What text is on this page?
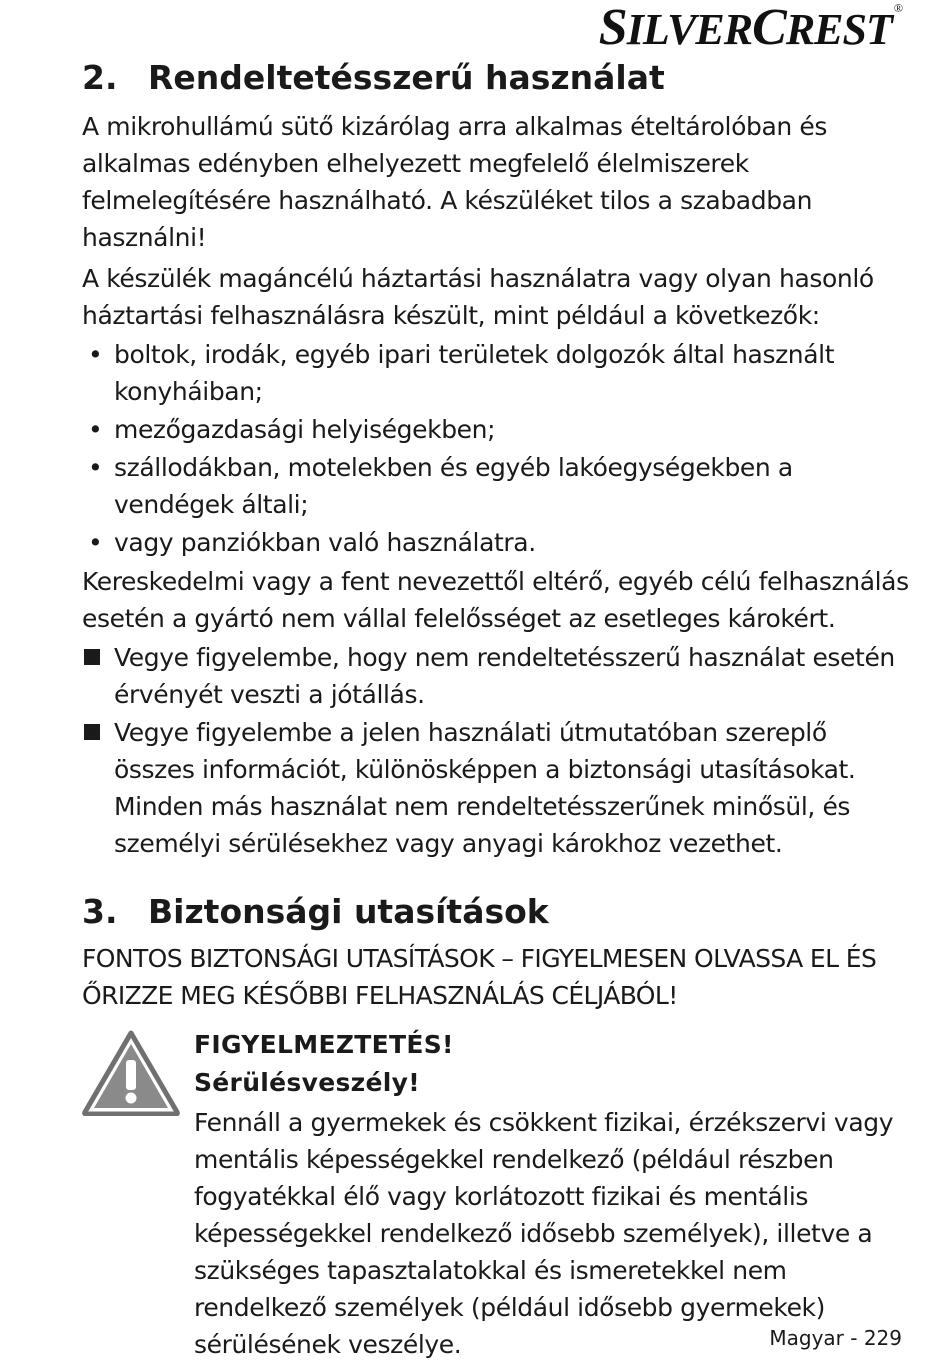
SILVERCREST ®
2. Rendeltetésszerű használat

A mikrohullámú sütő kizárólag arra alkalmas ételtárolóban és alkalmas edényben elhelyezett megfelelő élelmiszerek felmelegítésére használható. A készüléket tilos a szabadban használni!

A készülék magáncélú háztartási használatra vagy olyan hasonló háztartási felhasználásra készült, mint például a következők:

• boltok, irodák, egyéb ipari területek dolgozók által használt konyháiban;
• mezőgazdasági helyiségekben;
• szállodákban, motelekben és egyéb lakóegységekben a vendégek általi;
• vagy panziókban való használatra.

Kereskedelmi vagy a fent nevezettől eltérő, egyéb célú felhasználás esetén a gyártó nem vállal felelősséget az esetleges károkért.

Vegye figyelembe, hogy nem rendeltetésszerű használat esetén érvényét veszti a jótállás.
Vegye figyelembe a jelen használati útmutatóban szereplő összes információt, különösképpen a biztonsági utasításokat. Minden más használat nem rendeltetésszerűnek minősül, és személyi sérülésekhez vagy anyagi károkhoz vezethet.
3. Biztonsági utasítások

FONTOS BIZTONSÁGI UTASÍTÁSOK – FIGYELMESEN OLVASSA EL ÉS ŐRIZZE MEG KÉSŐBBI FELHASZNÁLÁS CÉLJÁBÓL!

FIGYELMEZTETÉS!
Sérülésveszély!

Fennáll a gyermekek és csökkent fizikai, érzékszervi vagy mentális képességekkel rendelkező (például részben fogyatékkal élő vagy korlátozott fizikai és mentális képességekkel rendelkező idősebb személyek), illetve a szükséges tapasztalatokkal és ismeretekkel nem rendelkező személyek (például idősebb gyermekek) sérülésének veszélye.	Magyar - 229
